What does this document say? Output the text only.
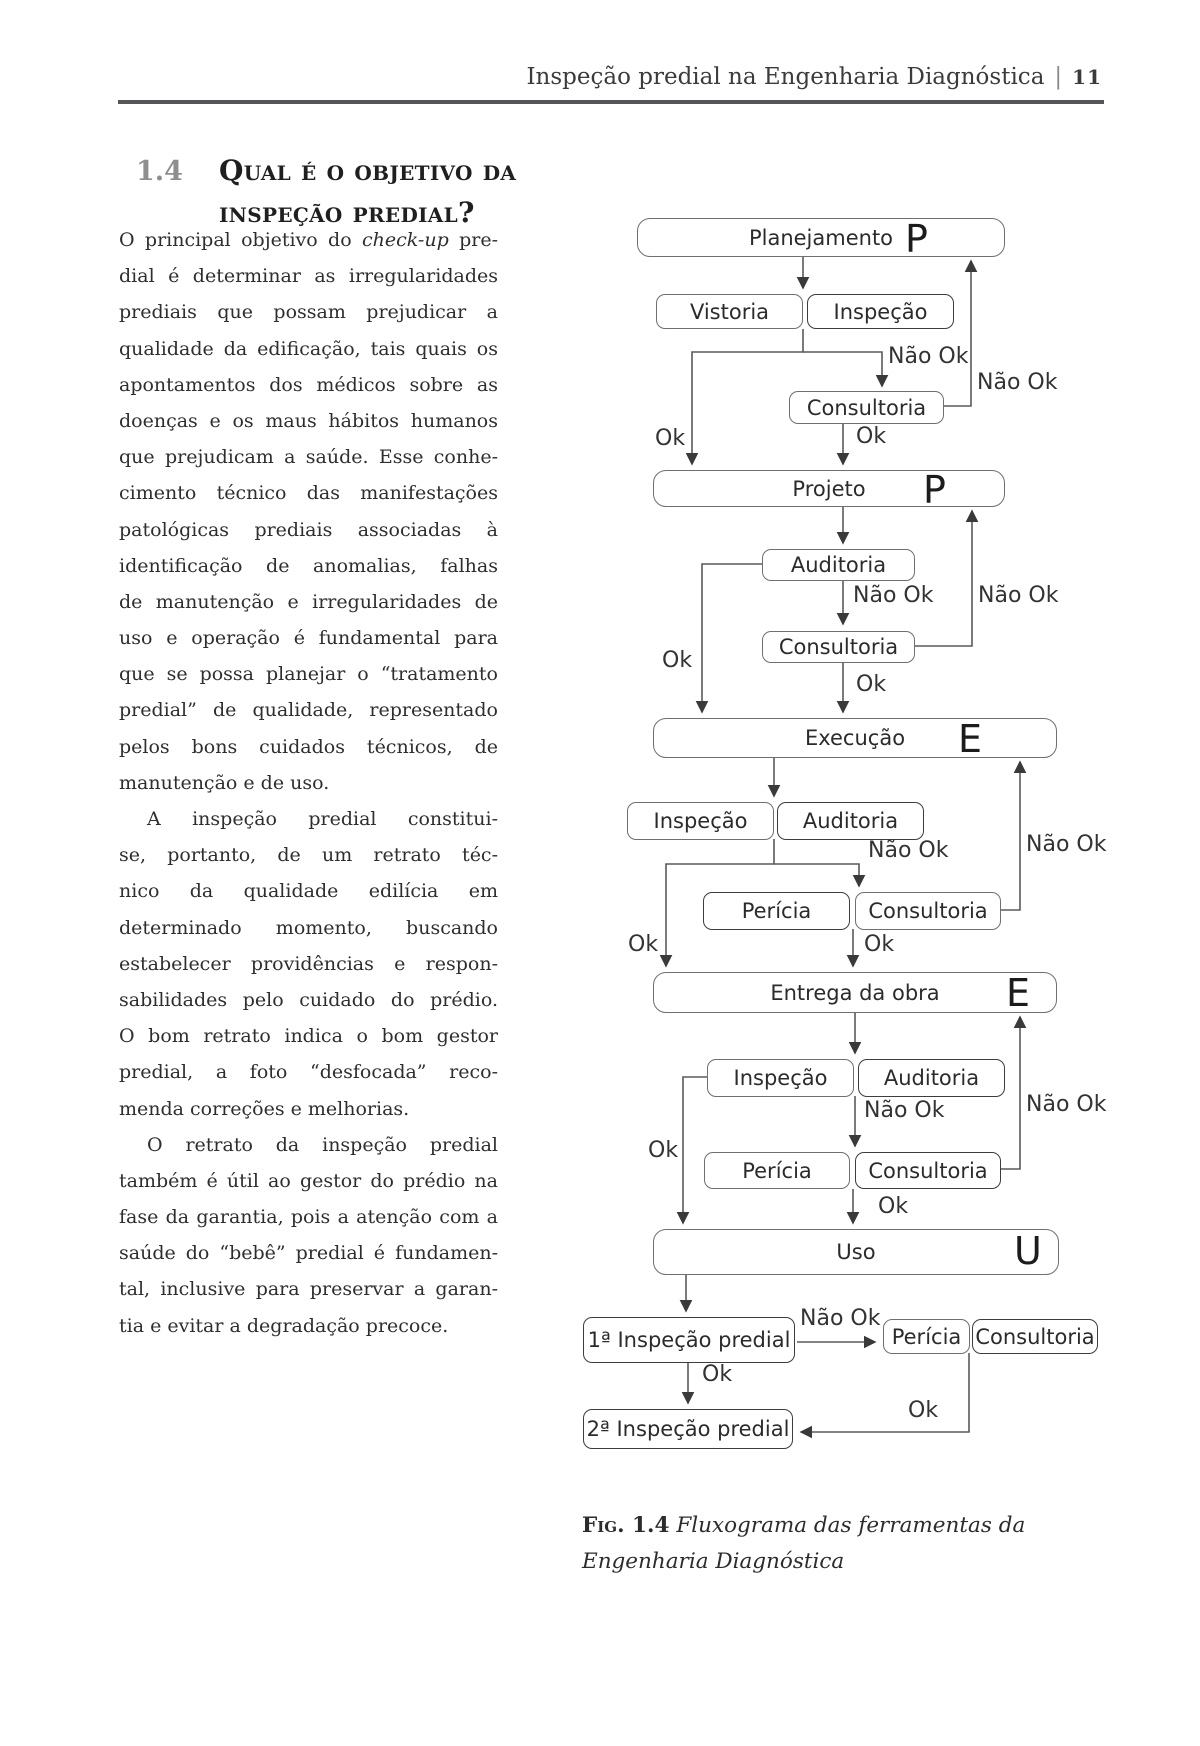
Inspeção predial na Engenharia Diagnóstica | 11
1.4 Qual é o objetivo da
inspeção predial?
O principal objetivo do check-up pre-
dial é determinar as irregularidades
prediais que possam prejudicar a
qualidade da edificação, tais quais os
apontamentos dos médicos sobre as
doenças e os maus hábitos humanos
que prejudicam a saúde. Esse conhe-
cimento técnico das manifestações
patológicas prediais associadas à
identificação de anomalias, falhas
de manutenção e irregularidades de
uso e operação é fundamental para
que se possa planejar o “tratamento
predial” de qualidade, representado
pelos bons cuidados técnicos, de
manutenção e de uso.
A inspeção predial constitui-
se, portanto, de um retrato téc-
nico da qualidade edilícia em
determinado momento, buscando
estabelecer providências e respon-
sabilidades pelo cuidado do prédio.
O bom retrato indica o bom gestor
predial, a foto “desfocada” reco-
menda correções e melhorias.
O retrato da inspeção predial
também é útil ao gestor do prédio na
fase da garantia, pois a atenção com a
saúde do “bebê” predial é fundamen-
tal, inclusive para preservar a garan-
tia e evitar a degradação precoce.
Planejamento P
Vistoria	Inspeção
Consultoria
Projeto	P
Auditoria
Consultoria
Execução	E
Inspeção	Auditoria
Perícia	Consultoria
Entrega da obra	E
Inspeção	Auditoria
Perícia	Consultoria
Uso	U
1ª Inspeção predial	Perícia Consultoria
2ª Inspeção predial
Ok
Não Ok
Não Ok
Ok
Não Ok Não Ok
Ok
Ok
Não Ok	Não Ok
Ok	Ok
Não Ok	Não Ok
Ok
Ok
Não Ok
Ok
Ok
Fig. 1.4 Fluxograma das ferramentas da Engenharia Diagnóstica
